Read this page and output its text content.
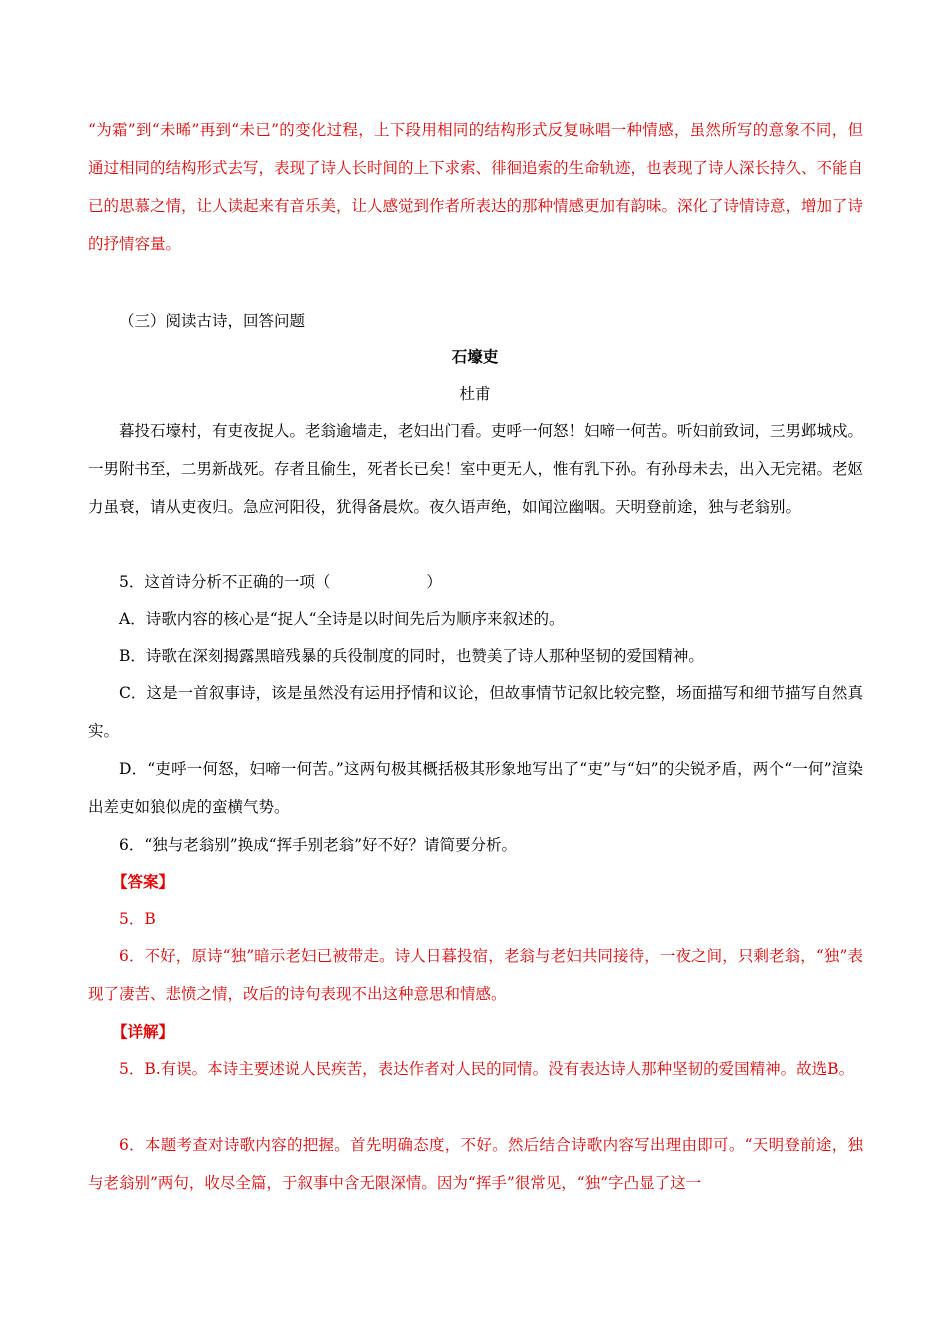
“为霜”到“未晞”再到“未已”的变化过程，上下段用相同的结构形式反复咏唱一种情感，虽然所写的意象不同，但通过相同的结构形式去写，表现了诗人长时间的上下求索、徘徊追索的生命轨迹，也表现了诗人深长持久、不能自已的思慕之情，让人读起来有音乐美，让人感觉到作者所表达的那种情感更加有韵味。深化了诗情诗意，增加了诗的抒情容量。

（三）阅读古诗，回答问题

石壕吏

杜甫

暮投石壕村，有吏夜捉人。老翁逾墙走，老妇出门看。吏呼一何怒！妇啼一何苦。听妇前致词，三男邺城戍。一男附书至，二男新战死。存者且偷生，死者长已矣！室中更无人，惟有乳下孙。有孙母未去，出入无完裙。老妪力虽衰，请从吏夜归。急应河阳役，犹得备晨炊。夜久语声绝，如闻泣幽咽。天明登前途，独与老翁别。

5．这首诗分析不正确的一项（	）

A．诗歌内容的核心是“捉人“全诗是以时间先后为顺序来叙述的。

B．诗歌在深刻揭露黑暗残暴的兵役制度的同时，也赞美了诗人那种坚韧的爱国精神。

C．这是一首叙事诗，该是虽然没有运用抒情和议论，但故事情节记叙比较完整，场面描写和细节描写自然真实。

D．“吏呼一何怒，妇啼一何苦。”这两句极其概括极其形象地写出了“吏”与“妇”的尖锐矛盾，两个“一何”渲染出差吏如狼似虎的蛮横气势。

6．“独与老翁别”换成“挥手别老翁”好不好？请简要分析。

【答案】

5．B

6．不好，原诗“独”暗示老妇已被带走。诗人日暮投宿，老翁与老妇共同接待，一夜之间，只剩老翁，“独”表现了凄苦、悲愤之情，改后的诗句表现不出这种意思和情感。

【详解】

5．B.有误。本诗主要述说人民疾苦，表达作者对人民的同情。没有表达诗人那种坚韧的爱国精神。故选B。

6．本题考查对诗歌内容的把握。首先明确态度，不好。然后结合诗歌内容写出理由即可。“天明登前途，独与老翁别”两句，收尽全篇，于叙事中含无限深情。因为“挥手”很常见，“独”字凸显了这一
